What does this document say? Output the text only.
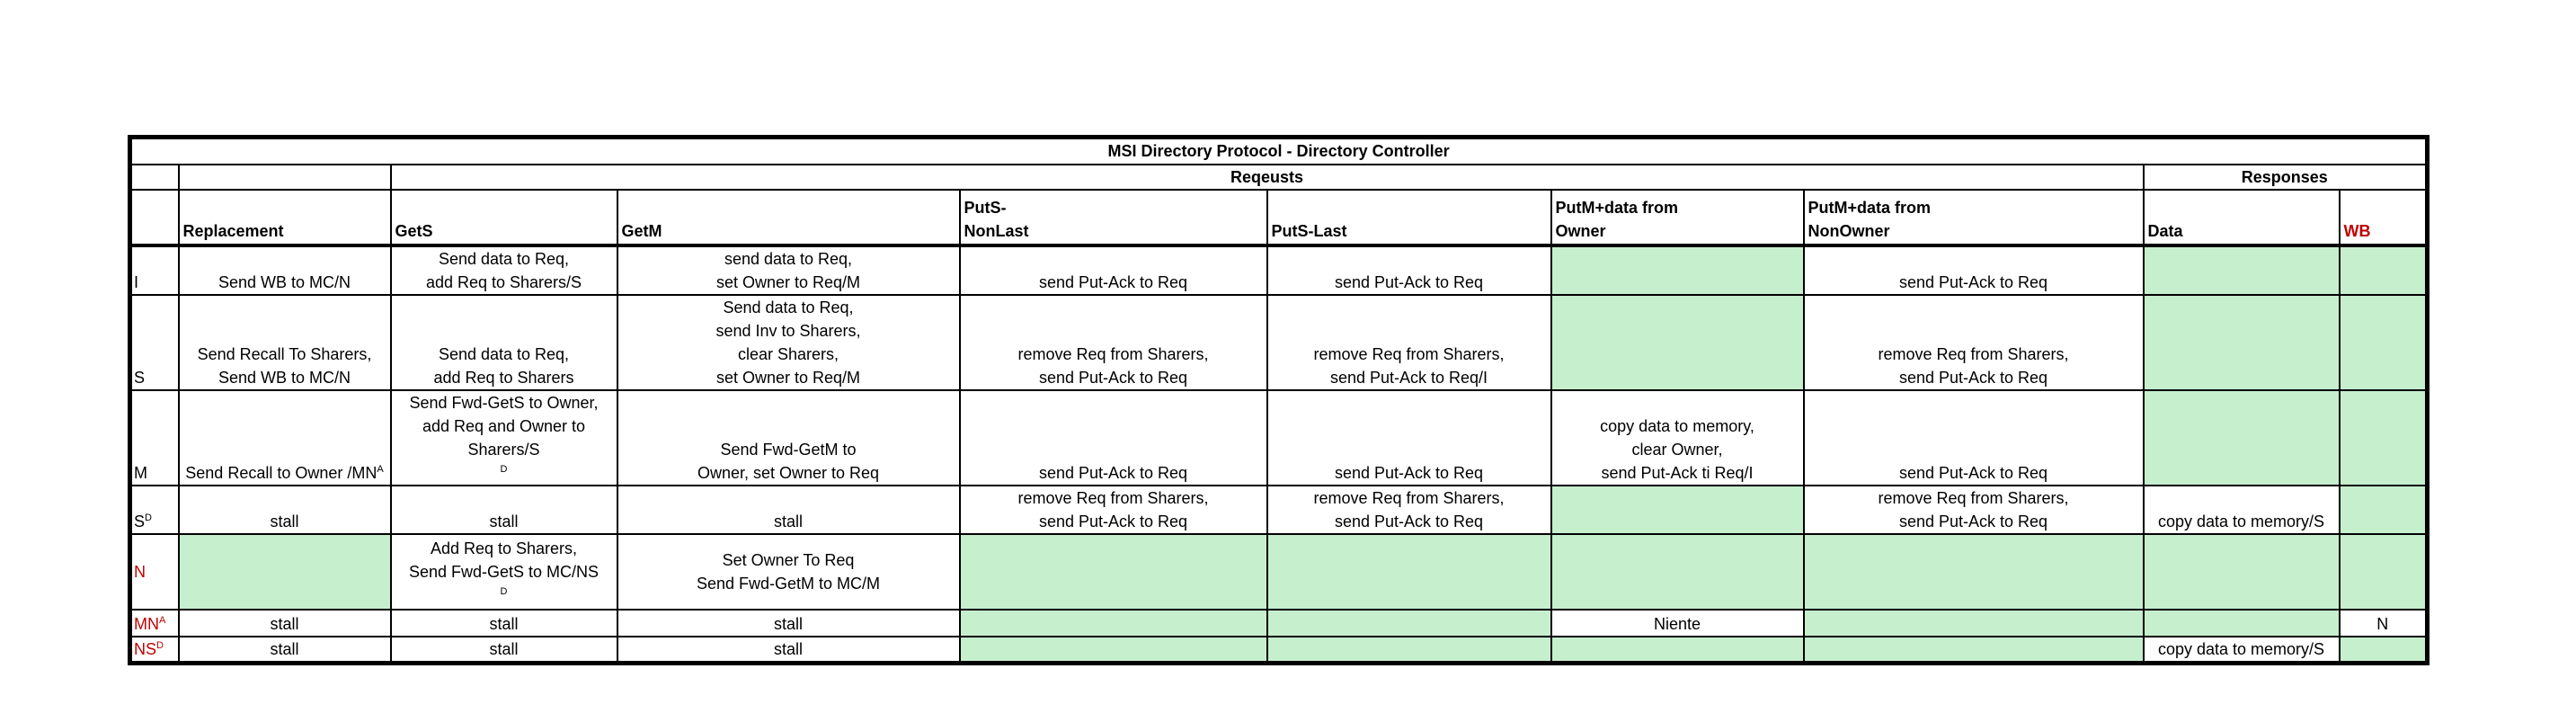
MSI Directory Protocol - Directory Controller									
		Reqeusts						Responses	
	Replacement	GetS	GetM	PutS-
NonLast	PutS-Last	PutM+data from
Owner	PutM+data from
NonOwner	Data	WB
I	Send WB to MC/N	Send data to Req,
add Req to Sharers/S	send data to Req,
set Owner to Req/M	send Put-Ack to Req	send Put-Ack to Req		send Put-Ack to Req		
S	Send Recall To Sharers,
Send WB to MC/N	Send data to Req,
add Req to Sharers	Send data to Req,
send Inv to Sharers,
clear Sharers,
set Owner to Req/M	remove Req from Sharers,
send Put-Ack to Req	remove Req from Sharers,
send Put-Ack to Req/I		remove Req from Sharers,
send Put-Ack to Req		

M	Send Recall to Owner $/MN^A$	Send Fwd-GetS to Owner,
add Req and Owner to
Sharers/S
$^D$	Send Fwd-GetM to
Owner, set Owner to Req	send Put-Ack to Req	send Put-Ack to Req	copy data to memory,
clear Owner,
send Put-Ack ti Req/I	send Put-Ack to Req		
$S^D$	stall	stall	stall	remove Req from Sharers,
send Put-Ack to Req	remove Req from Sharers,
send Put-Ack to Req		remove Req from Sharers,
send Put-Ack to Req	copy data to memory/S	
N		Add Req to Sharers,
Send Fwd-GetS to MC/NS
$^D$	Set Owner To Req
Send Fwd-GetM to MC/M						

$MN^A$	stall	stall	stall			Niente			N
$NS^D$	stall	stall	stall					copy data to memory/S	
